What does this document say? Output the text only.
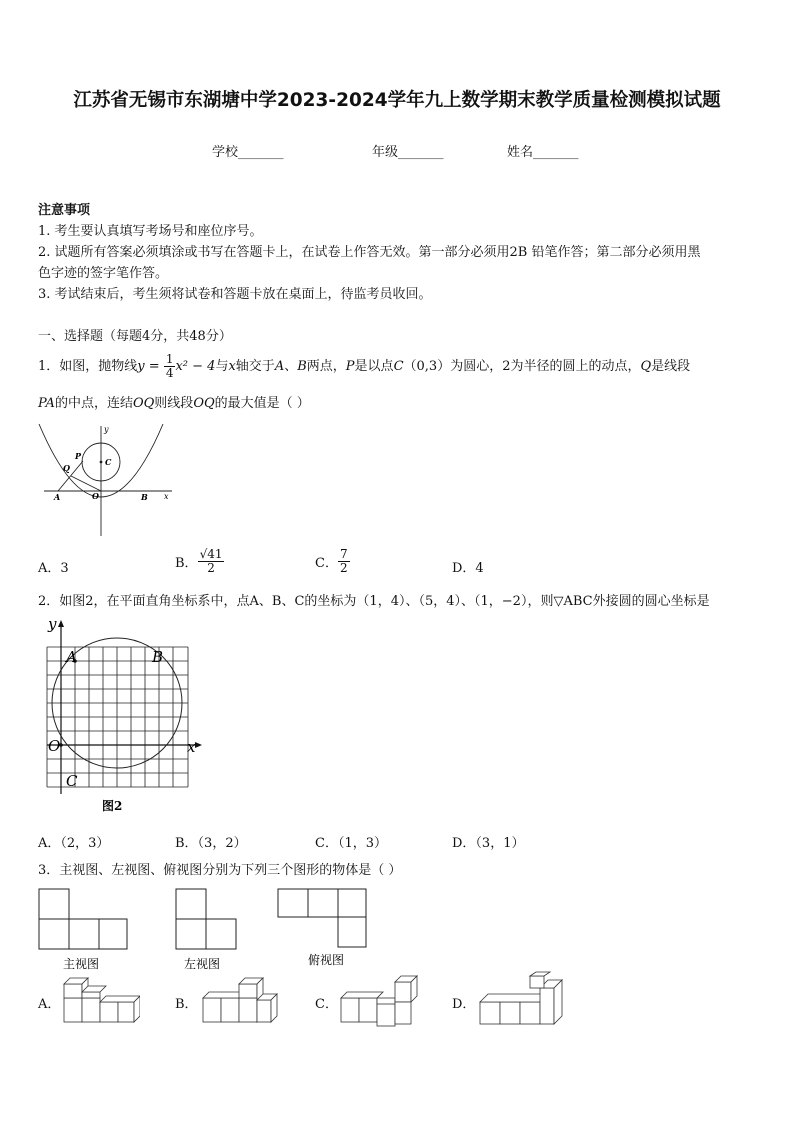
江苏省无锡市东湖塘中学2023-2024学年九上数学期末教学质量检测模拟试题
学校_______	年级_______	姓名_______
注意事项
1. 考生要认真填写考场号和座位序号。
2. 试题所有答案必须填涂或书写在答题卡上，在试卷上作答无效。第一部分必须用2B 铅笔作答；第二部分必须用黑
色字迹的签字笔作答。
3. 考试结束后，考生须将试卷和答题卡放在桌面上，待监考员收回。
一、选择题（每题4分，共48分）
1．如图，抛物线$y = \frac{1}{4} x^2 - 4$与x轴交于A、B两点，P是以点C（0,3）为圆心，2为半径的圆上的动点，Q是线段
PA的中点，连结OQ则线段OQ的最大值是（ ）
y
P
C
Q
A	O	B x
A．3	B． $\frac{√41}{2}$	C． $\frac{7}{2}$	D．4
2．如图2，在平面直角坐标系中，点A、B、C的坐标为（1，4）、（5，4）、（1，−2），则▽ABC外接圆的圆心坐标是
y
A	B
O	x
C
图2
A．（2，3）	B．（3，2）	C．（1，3）	D．（3，1）
3．主视图、左视图、俯视图分别为下列三个图形的物体是（ ）
主视图	左视图	俯视图
A．	B．	C．	D．
